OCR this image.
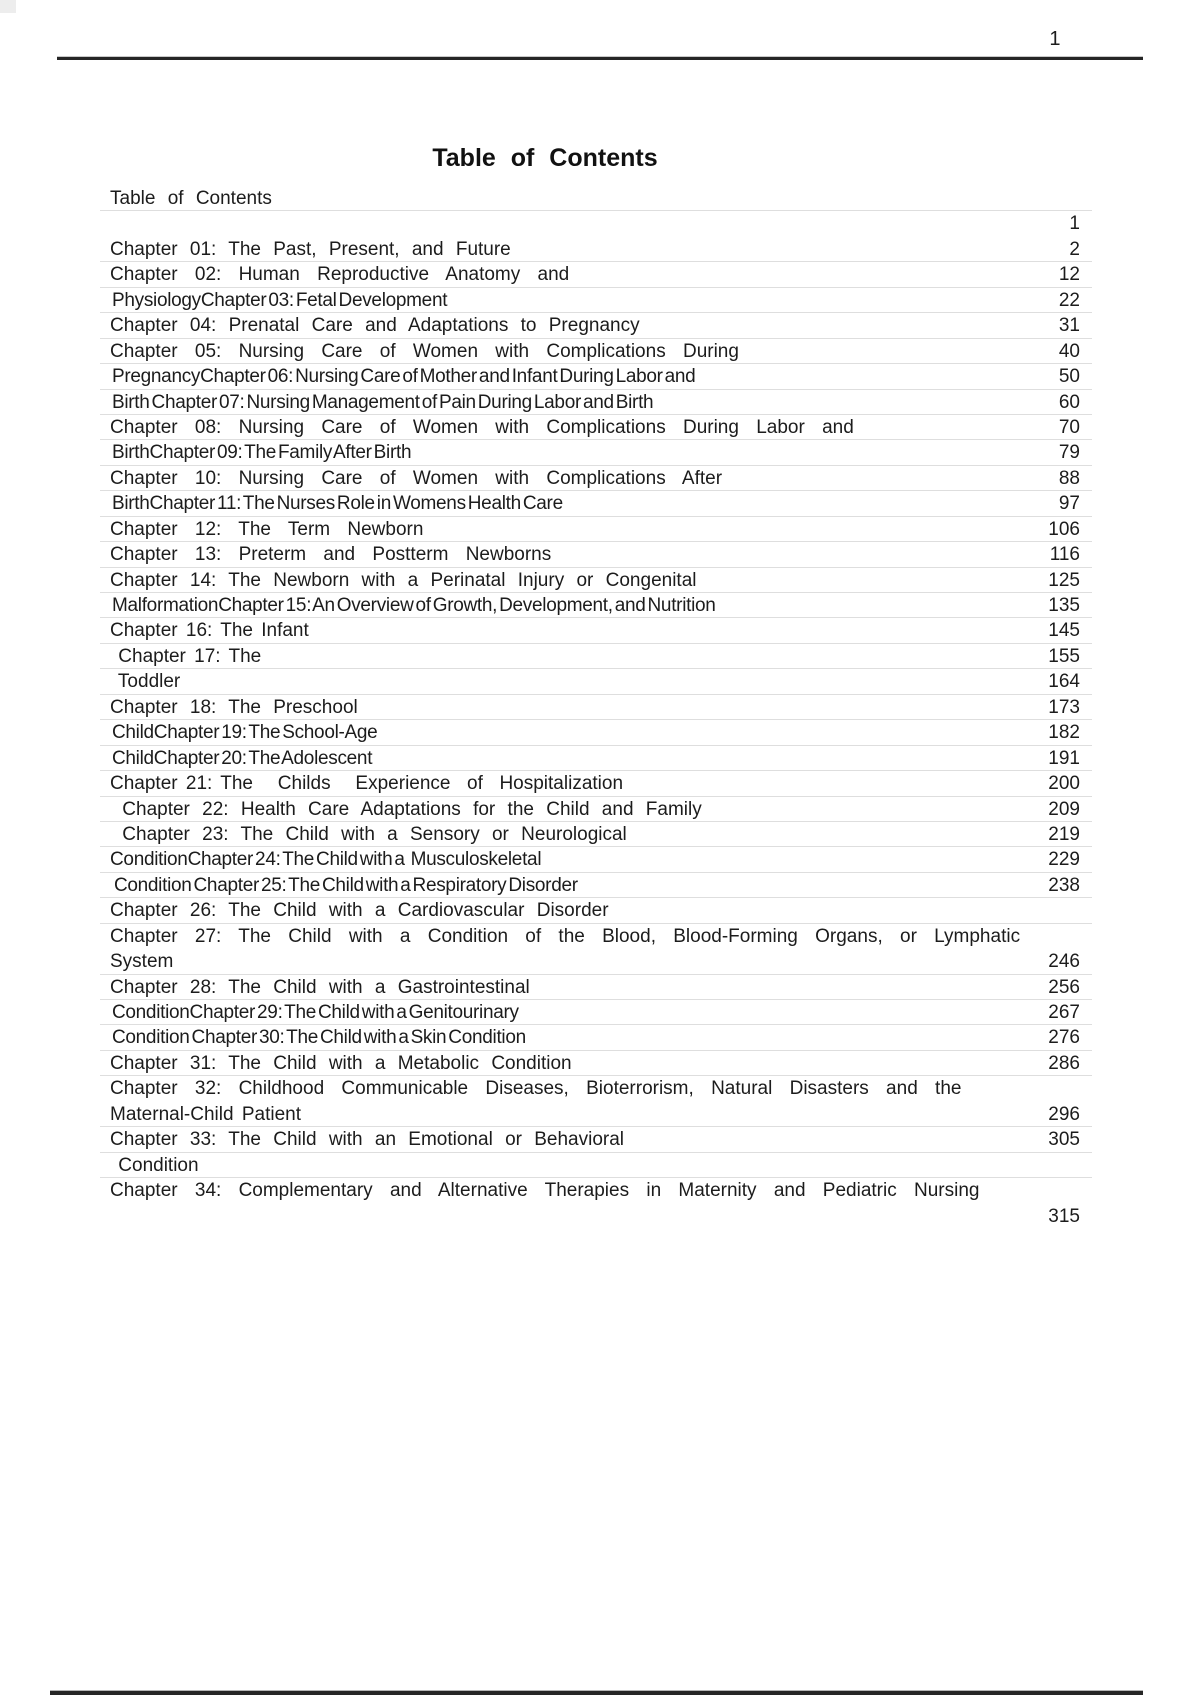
1
Table of Contents
Table of Contents
1
Chapter 01: The Past, Present, and Future	2
Chapter 02: Human Reproductive Anatomy and	12
PhysiologyChapter 03: Fetal Development	22
Chapter 04: Prenatal Care and Adaptations to Pregnancy	31
Chapter 05: Nursing Care of Women with Complications During	40
PregnancyChapter 06: Nursing Care of Mother and Infant During Labor and	50
Birth Chapter 07: Nursing Management of Pain During Labor and Birth	60
Chapter 08: Nursing Care of Women with Complications During Labor and	70
BirthChapter 09: The Family After Birth	79
Chapter 10: Nursing Care of Women with Complications After	88
BirthChapter 11: The Nurses Role in Womens Health Care	97
Chapter 12: The Term Newborn	106
Chapter 13: Preterm and Postterm Newborns	116
Chapter 14: The Newborn with a Perinatal Injury or Congenital	125
MalformationChapter 15: An Overview of Growth, Development, and Nutrition	135
Chapter 16: The Infant	145
Chapter 17: The	155
Toddler	164
Chapter 18: The Preschool	173
ChildChapter 19: The School-Age	182
ChildChapter 20: The Adolescent	191
Chapter 21: The   Childs   Experience  of  Hospitalization	200
Chapter 22: Health Care Adaptations for the Child and Family	209
Chapter 23: The Child with a Sensory or Neurological	219
ConditionChapter 24: The Child with a   Musculoskeletal	229
Condition Chapter 25: The Child with a Respiratory Disorder	238
Chapter 26: The Child with a Cardiovascular Disorder
Chapter 27: The Child with a Condition of the Blood, Blood-Forming Organs, or Lymphatic
System	246
Chapter 28: The Child with a Gastrointestinal	256
ConditionChapter 29: The Child with a Genitourinary	267
Condition Chapter 30: The Child with a Skin Condition	276
Chapter 31: The Child with a Metabolic Condition	286
Chapter 32: Childhood Communicable Diseases, Bioterrorism, Natural Disasters and the
Maternal-Child Patient	296
Chapter 33: The Child with an Emotional or Behavioral	305
Condition
Chapter 34: Complementary and Alternative Therapies in Maternity and Pediatric Nursing
315
